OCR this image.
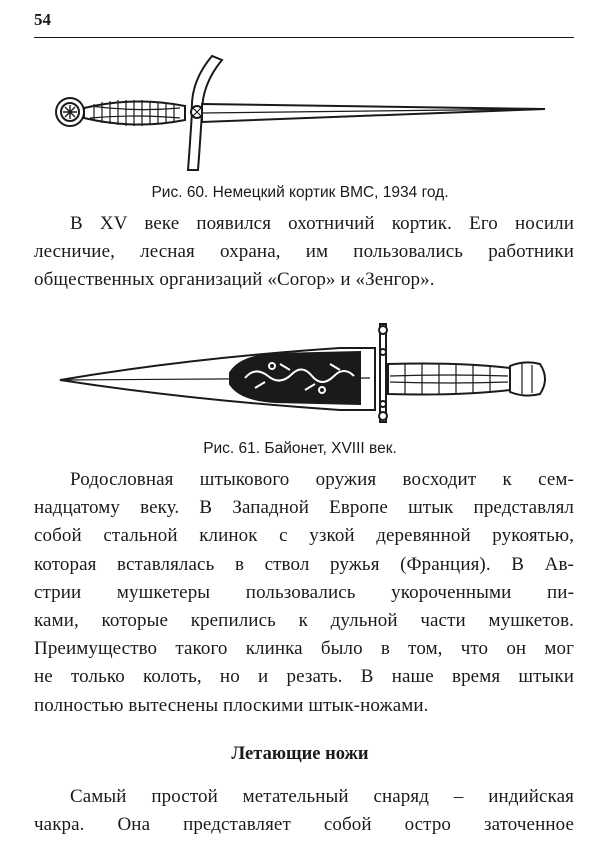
54
Рис. 60. Немецкий кортик ВМС, 1934 год.
В XV веке появился охотничий кортик. Его носили
лесничие, лесная охрана, им пользовались работники
общественных организаций «Согор» и «Зенгор».
Рис. 61. Байонет, XVIII век.
Родословная штыкового оружия восходит к сем-
надцатому веку. В Западной Европе штык представлял
собой стальной клинок с узкой деревянной рукоятью,
которая вставлялась в ствол ружья (Франция). В Ав-
стрии мушкетеры пользовались укороченными пи-
ками, которые крепились к дульной части мушкетов.
Преимущество такого клинка было в том, что он мог
не только колоть, но и резать. В наше время штыки
полностью вытеснены плоскими штык-ножами.
Летающие ножи
Самый простой метательный снаряд – индийская
чакра. Она представляет собой остро заточенное
